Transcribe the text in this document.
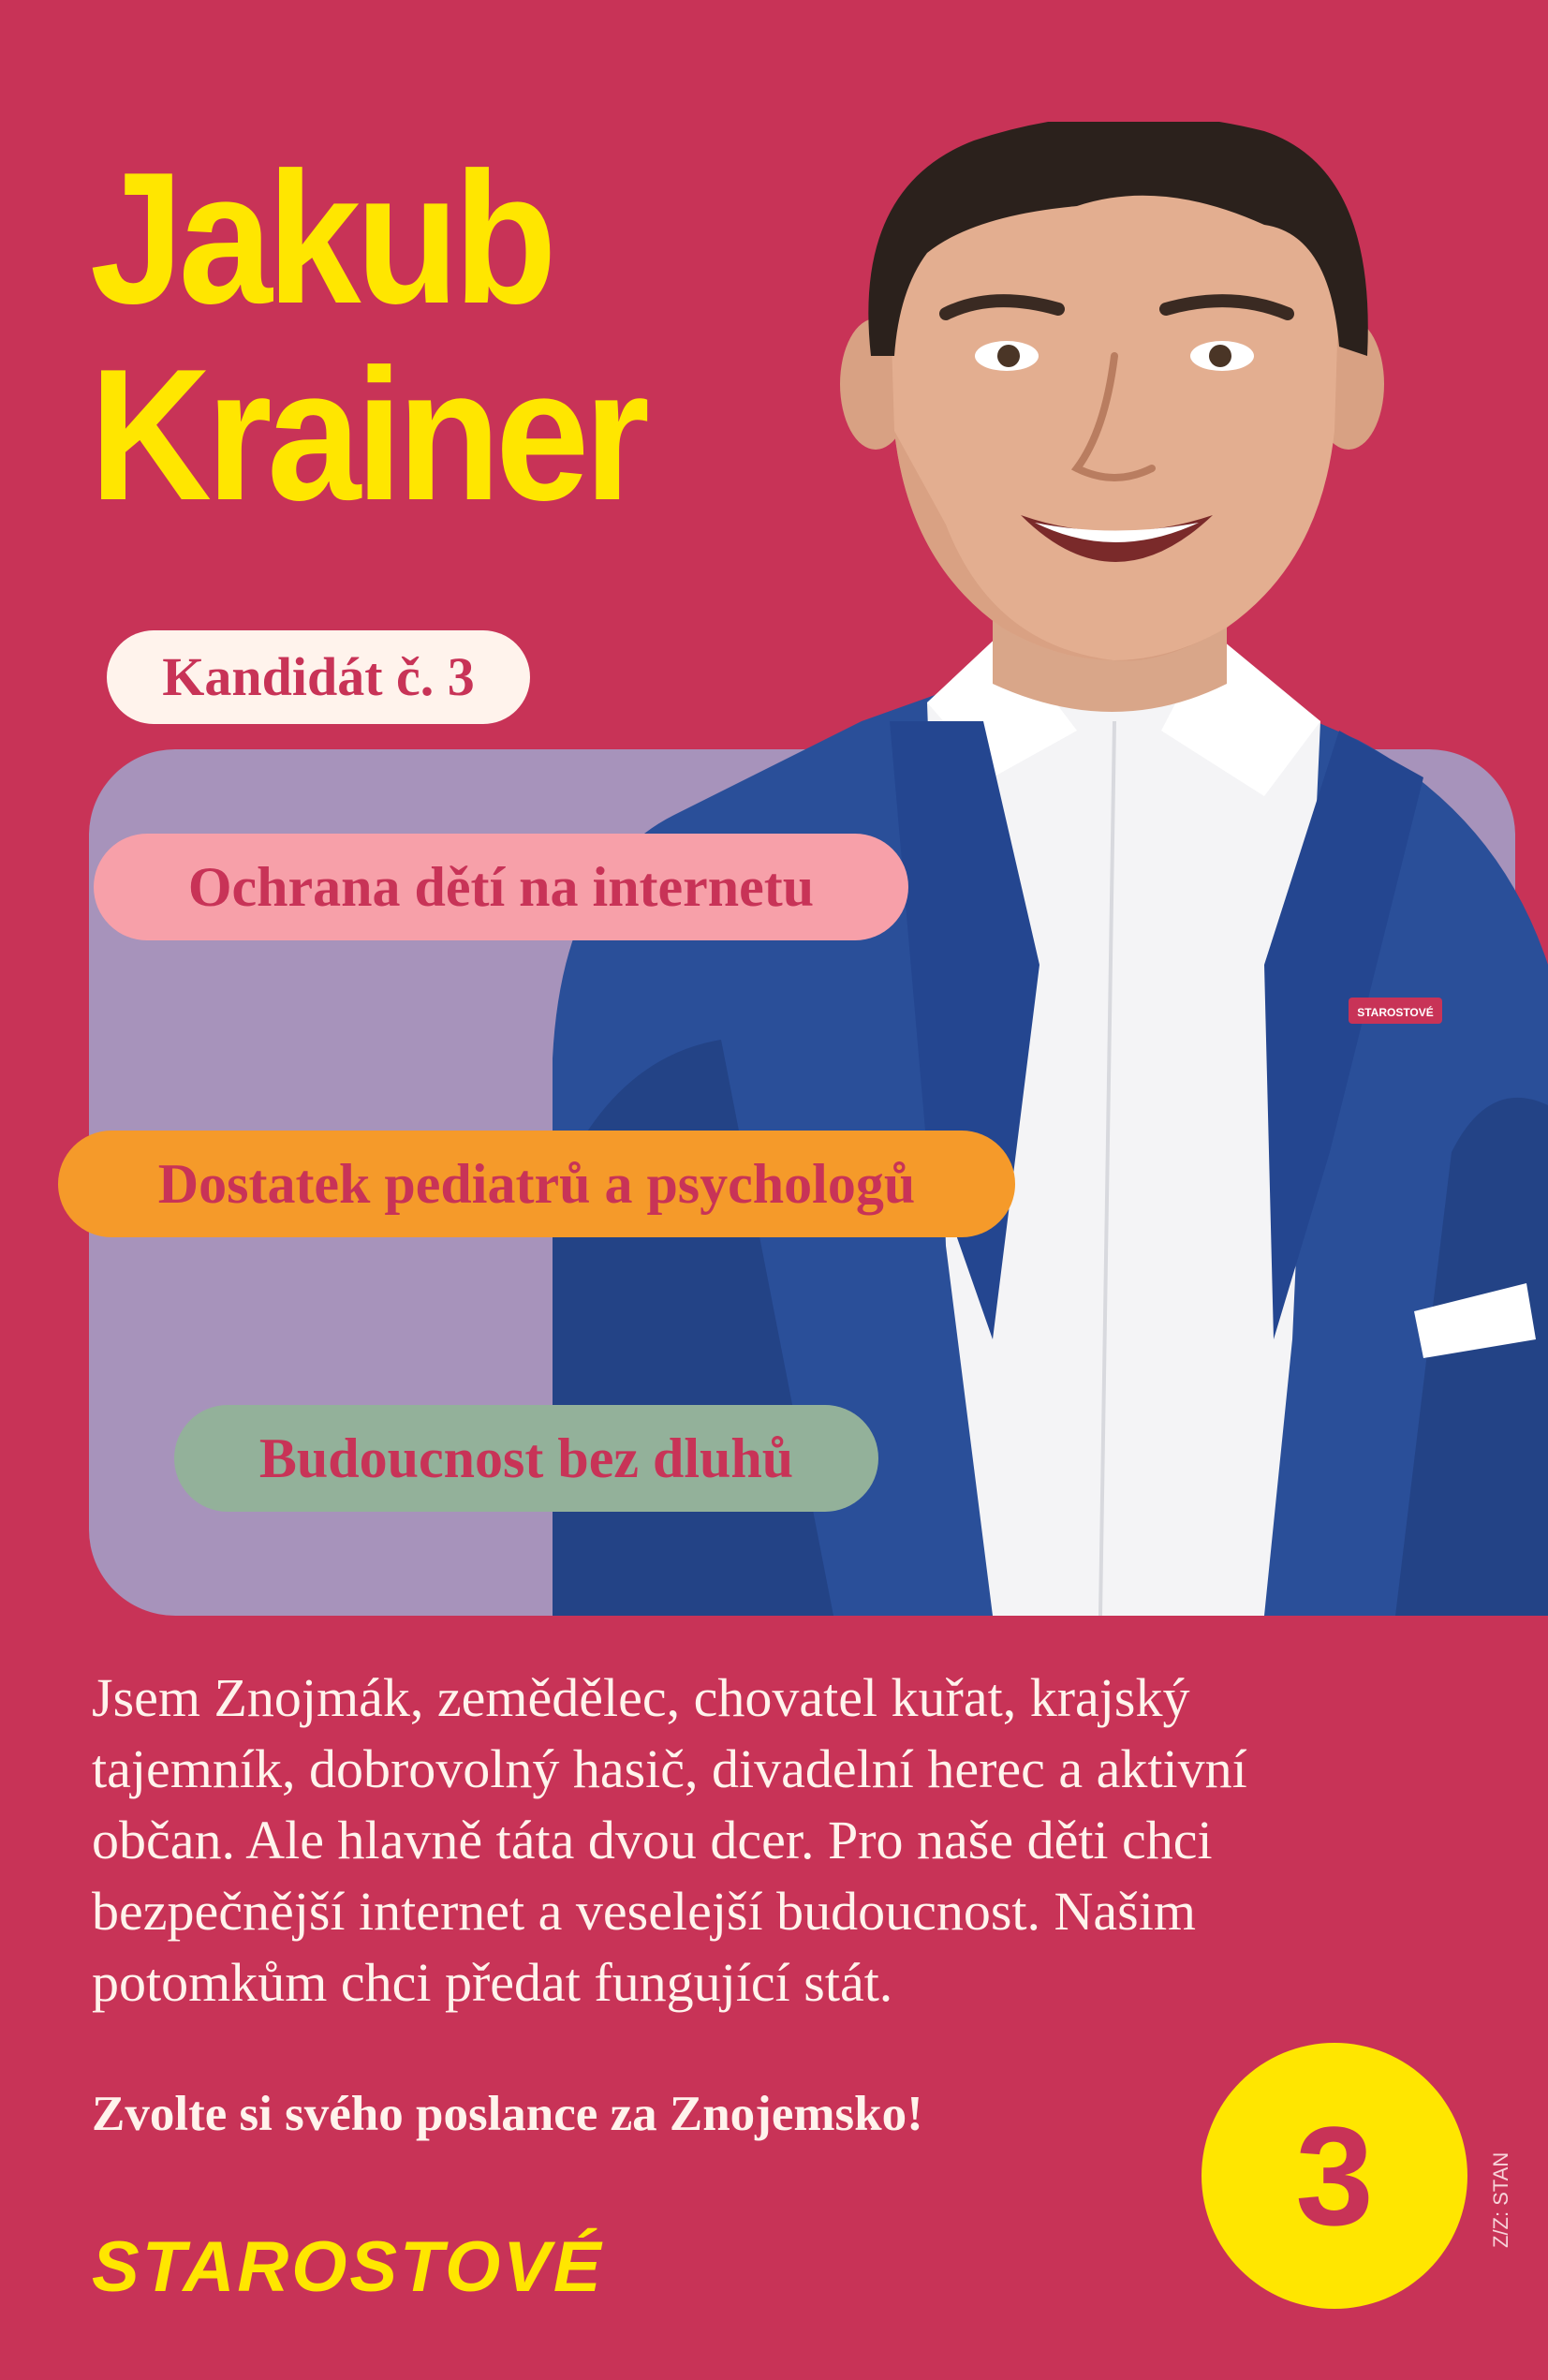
STAROSTOVÉ
Jakub
Krainer
Kandidát č. 3
Ochrana dětí na internetu
Dostatek pediatrů a psychologů
Budoucnost bez dluhů
Jsem Znojmák, zemědělec, chovatel kuřat, krajský
tajemník, dobrovolný hasič, divadelní herec a aktivní
občan. Ale hlavně táta dvou dcer. Pro naše děti chci
bezpečnější internet a veselejší budoucnost. Našim
potomkům chci předat fungující stát.
Zvolte si svého poslance za Znojemsko!
STAROSTOVÉ
3	Z/Z: STAN
